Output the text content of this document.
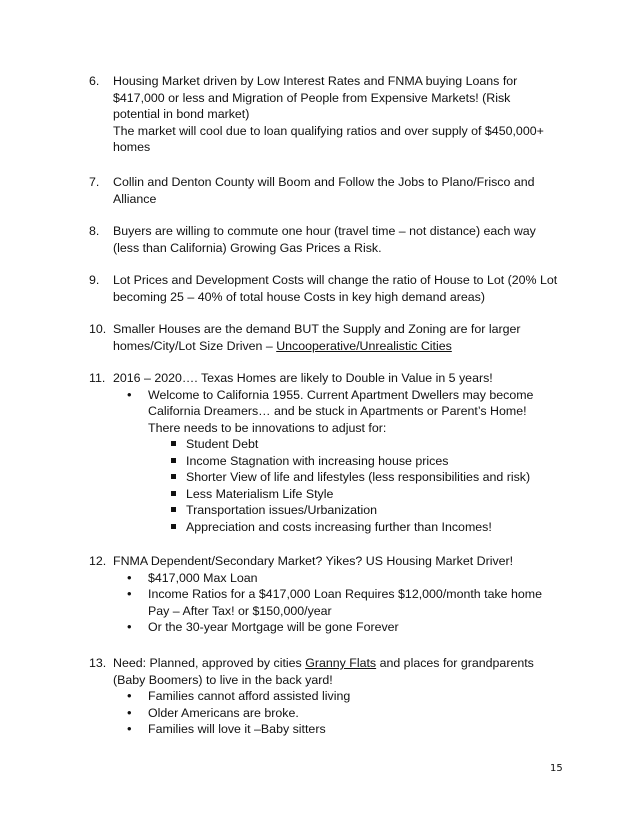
6. Housing Market driven by Low Interest Rates and FNMA buying Loans for $417,000 or less and Migration of People from Expensive Markets! (Risk potential in bond market)

The market will cool due to loan qualifying ratios and over supply of $450,000+ homes

7. Collin and Denton County will Boom and Follow the Jobs to Plano/Frisco and Alliance

8. Buyers are willing to commute one hour (travel time – not distance) each way (less than California) Growing Gas Prices a Risk.

9. Lot Prices and Development Costs will change the ratio of House to Lot (20% Lot becoming 25 – 40% of total house Costs in key high demand areas)

10. Smaller Houses are the demand BUT the Supply and Zoning are for larger homes/City/Lot Size Driven – Uncooperative/Unrealistic Cities

11. 2016 – 2020…. Texas Homes are likely to Double in Value in 5 years!

• Welcome to California 1955. Current Apartment Dwellers may become California Dreamers… and be stuck in Apartments or Parent’s Home! There needs to be innovations to adjust for:
Student Debt
Income Stagnation with increasing house prices
Shorter View of life and lifestyles (less responsibilities and risk)
Less Materialism Life Style
Transportation issues/Urbanization
Appreciation and costs increasing further than Incomes!
12. FNMA Dependent/Secondary Market? Yikes? US Housing Market Driver!

• $417,000 Max Loan
• Income Ratios for a $417,000 Loan Requires $12,000/month take home Pay – After Tax! or $150,000/year
• Or the 30-year Mortgage will be gone Forever
13. Need: Planned, approved by cities Granny Flats and places for grandparents (Baby Boomers) to live in the back yard!

• Families cannot afford assisted living
• Older Americans are broke.
• Families will love it –Baby sitters
15
